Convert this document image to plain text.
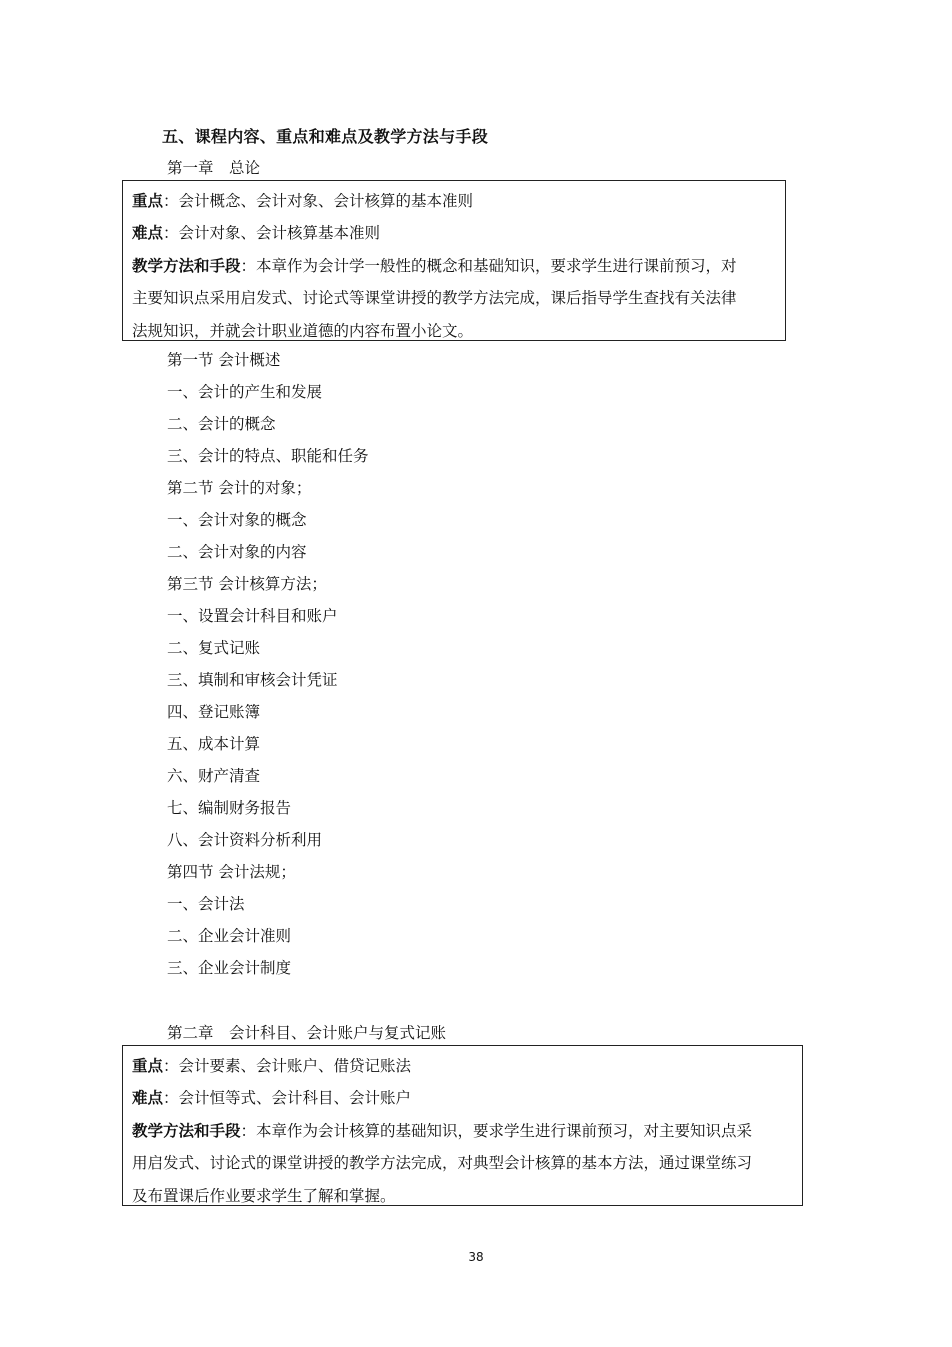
五、课程内容、重点和难点及教学方法与手段
第一章　总论
重点：会计概念、会计对象、会计核算的基本准则
难点：会计对象、会计核算基本准则
教学方法和手段：本章作为会计学一般性的概念和基础知识，要求学生进行课前预习，对
主要知识点采用启发式、讨论式等课堂讲授的教学方法完成，课后指导学生查找有关法律
法规知识，并就会计职业道德的内容布置小论文。
第一节 会计概述
一、会计的产生和发展
二、会计的概念
三、会计的特点、职能和任务
第二节 会计的对象；
一、会计对象的概念
二、会计对象的内容
第三节 会计核算方法；
一、设置会计科目和账户
二、复式记账
三、填制和审核会计凭证
四、登记账簿
五、成本计算
六、财产清查
七、编制财务报告
八、会计资料分析利用
第四节 会计法规；
一、会计法
二、企业会计准则
三、企业会计制度
第二章　会计科目、会计账户与复式记账
重点：会计要素、会计账户、借贷记账法
难点：会计恒等式、会计科目、会计账户
教学方法和手段：本章作为会计核算的基础知识，要求学生进行课前预习，对主要知识点采
用启发式、讨论式的课堂讲授的教学方法完成，对典型会计核算的基本方法，通过课堂练习
及布置课后作业要求学生了解和掌握。
38
